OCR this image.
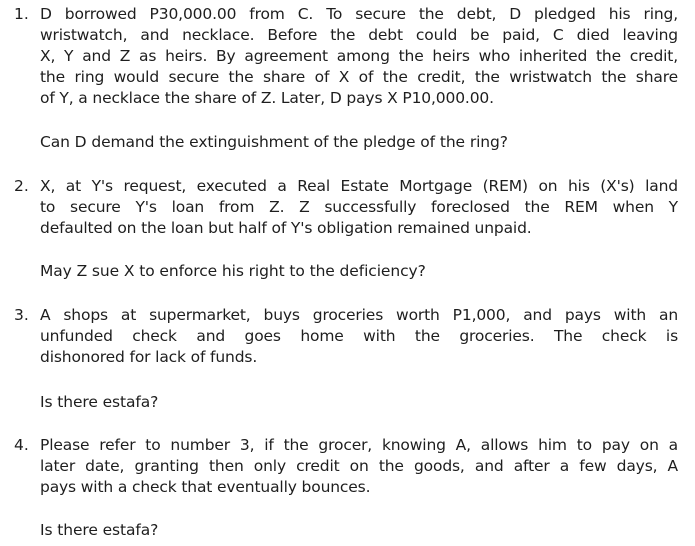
1. D borrowed P30,000.00 from C. To secure the debt, D pledged his ring,
wristwatch, and necklace. Before the debt could be paid, C died leaving
X, Y and Z as heirs. By agreement among the heirs who inherited the credit,
the ring would secure the share of X of the credit, the wristwatch the share
of Y, a necklace the share of Z. Later, D pays X P10,000.00.
Can D demand the extinguishment of the pledge of the ring?
2. X, at Y's request, executed a Real Estate Mortgage (REM) on his (X's) land
to secure Y's loan from Z. Z successfully foreclosed the REM when Y
defaulted on the loan but half of Y's obligation remained unpaid.
May Z sue X to enforce his right to the deficiency?
3. A shops at supermarket, buys groceries worth P1,000, and pays with an
unfunded check and goes home with the groceries. The check is
dishonored for lack of funds.
Is there estafa?
4. Please refer to number 3, if the grocer, knowing A, allows him to pay on a
later date, granting then only credit on the goods, and after a few days, A
pays with a check that eventually bounces.
Is there estafa?
